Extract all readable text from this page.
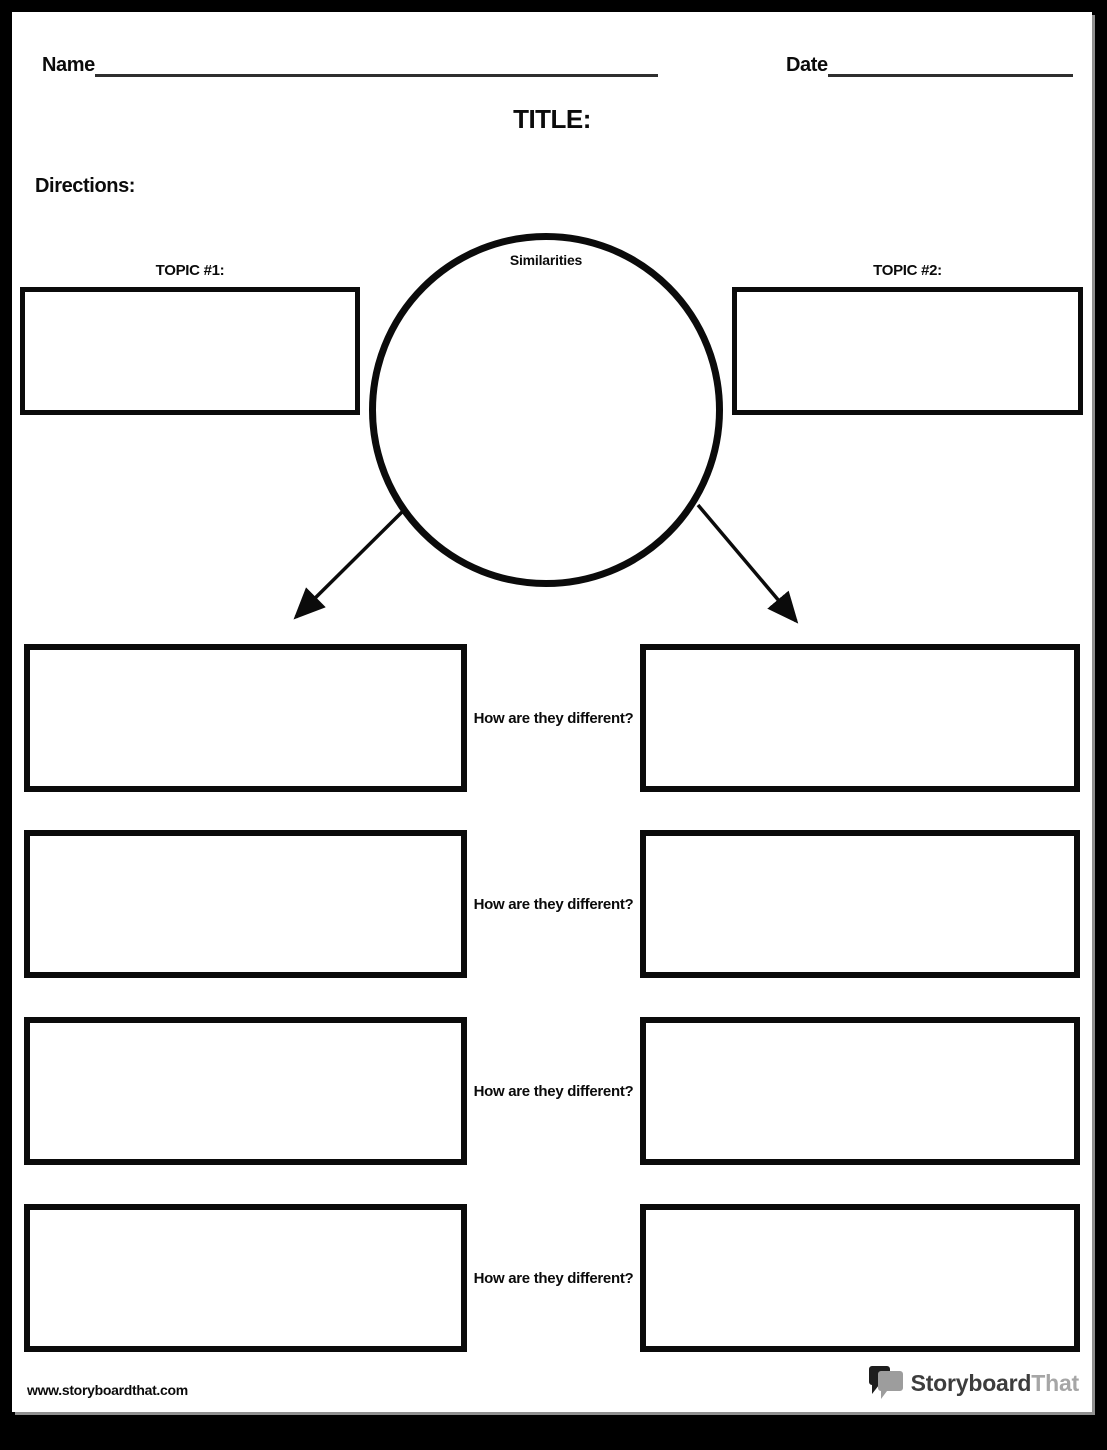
Name	Date
TITLE:
Directions:
TOPIC #1:	TOPIC #2:
Similarities
How are they different?
How are they different?
How are they different?
How are they different?
www.storyboardthat.com	StoryboardThat
